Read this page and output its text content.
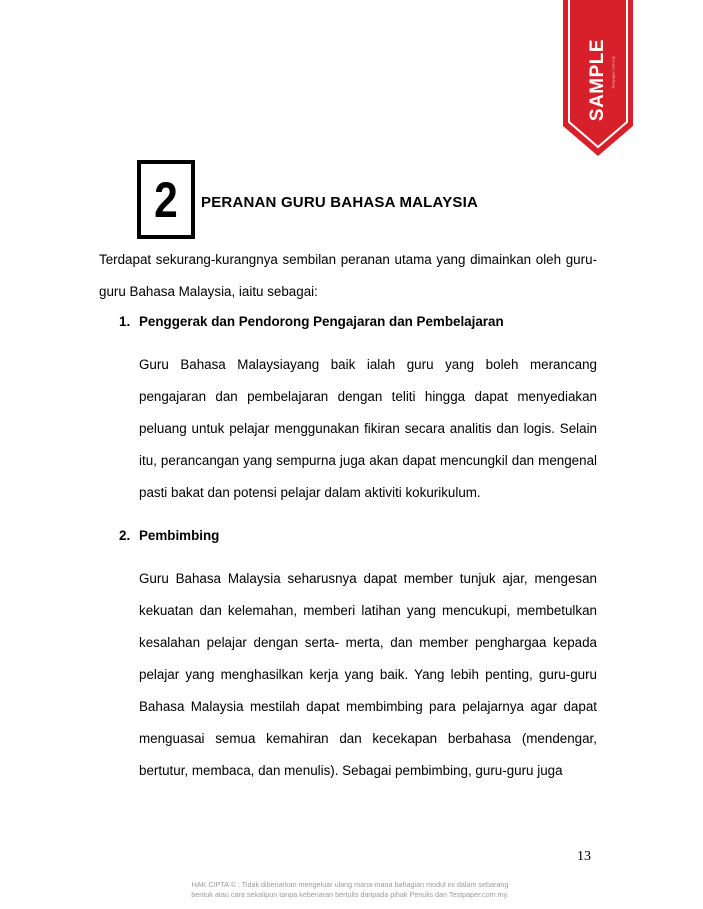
SAMPLE Testpaper.com.my
2 PERANAN GURU BAHASA MALAYSIA

Terdapat sekurang-kurangnya sembilan peranan utama yang dimainkan oleh guru-guru Bahasa Malaysia, iaitu sebagai:

1. Penggerak dan Pendorong Pengajaran dan Pembelajaran

Guru Bahasa Malaysiayang baik ialah guru yang boleh merancang pengajaran dan pembelajaran dengan teliti hingga dapat menyediakan peluang untuk pelajar menggunakan fikiran secara analitis dan logis. Selain itu, perancangan yang sempurna juga akan dapat mencungkil dan mengenal pasti bakat dan potensi pelajar dalam aktiviti kokurikulum.

2. Pembimbing

Guru Bahasa Malaysia seharusnya dapat member tunjuk ajar, mengesan kekuatan dan kelemahan, memberi latihan yang mencukupi, membetulkan kesalahan pelajar dengan serta- merta, dan member penghargaa kepada pelajar yang menghasilkan kerja yang baik. Yang lebih penting, guru-guru Bahasa Malaysia mestilah dapat membimbing para pelajarnya agar dapat menguasai semua kemahiran dan kecekapan berbahasa (mendengar, bertutur, membaca, dan menulis). Sebagai pembimbing, guru-guru juga

13
HAK CIPTA © : Tidak dibenarkan mengeluar ulang mana-mana bahagian modul ini dalam sebarang
bentuk atau cara sekalipun tanpa kebenaran bertulis daripada pihak Penulis dan Testpaper.com.my.
